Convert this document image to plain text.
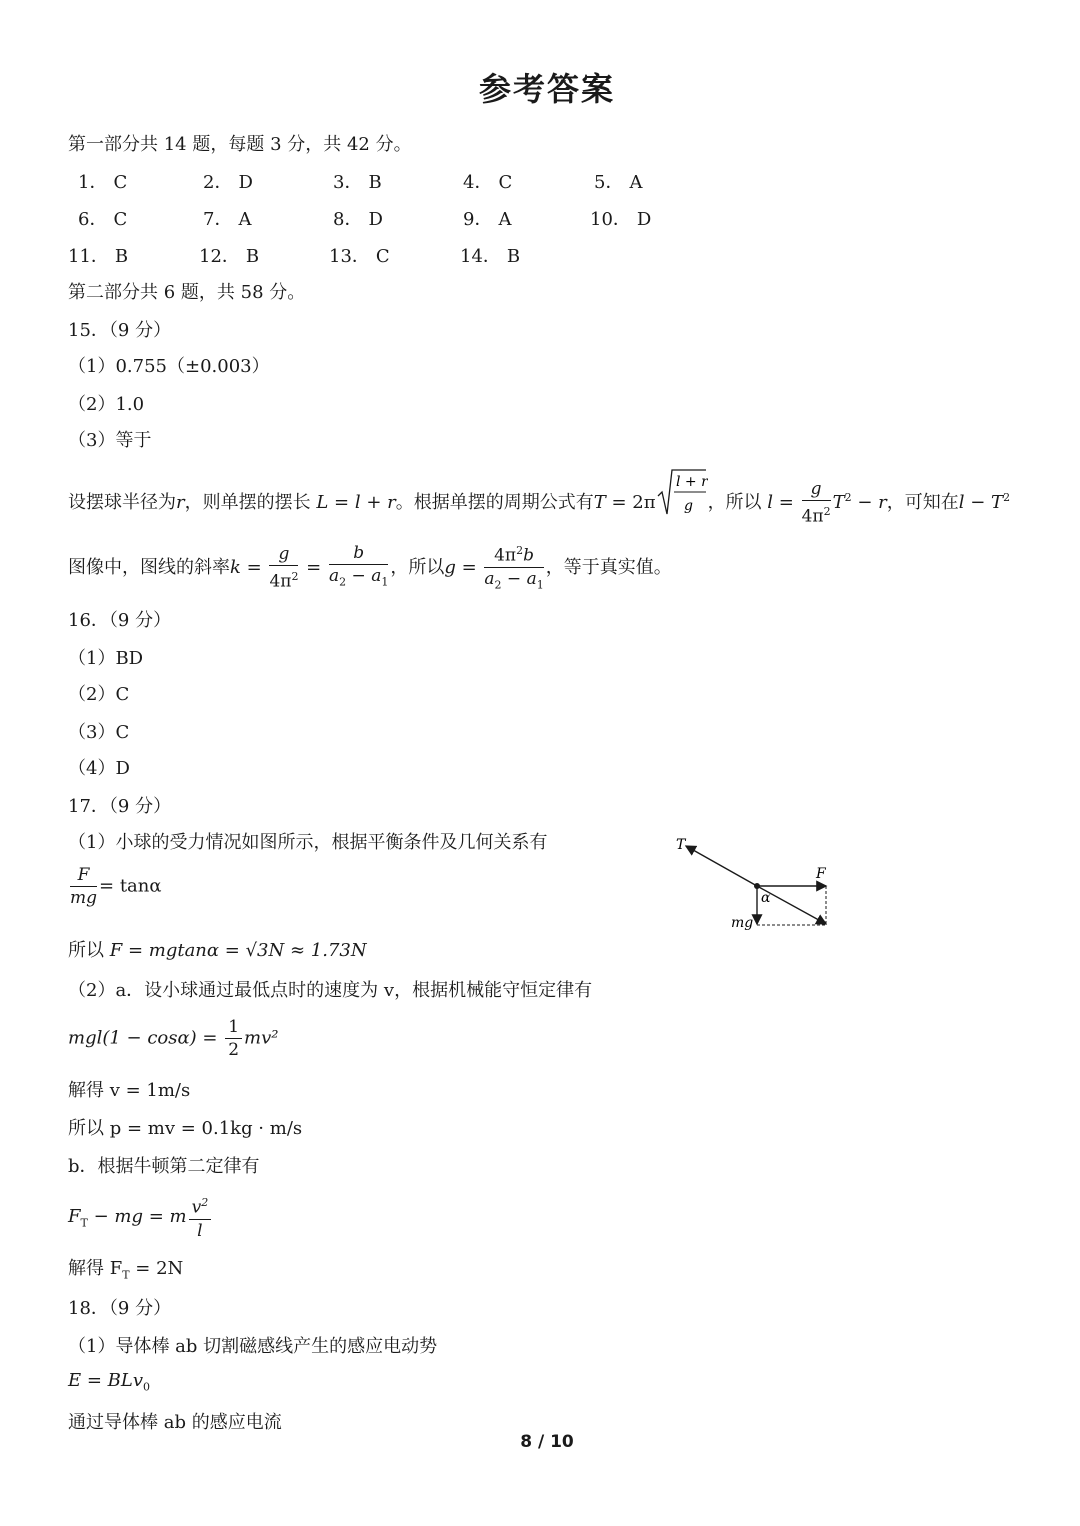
参考答案
第一部分共 14 题，每题 3 分，共 42 分。
1． C	2． D	3． B	4． C	5． A
6． C	7． A	8． D	9． A	10． D
11． B	12． B	13． C	14． B
第二部分共 6 题，共 58 分。
15．（9 分）
（1）0.755（±0.003）
（2）1.0
（3）等于
设摆球半径为r，则单摆的摆长 L = l + r。根据单摆的周期公式有T = 2π
l + r
g ，所以 $l = \frac{g}{4\pi^2} T^2 - r$，可知在$l - T^2$
图像中，图线的斜率$k = \frac{g}{4\pi^2} = \frac{b}{a_2 - a_1}$ ，所以$g = \frac{4\pi^2b}{a_2 - a_1}$ ，等于真实值。
16．（9 分）
（1）BD
（2）C
（3）C
（4）D
17．（9 分）
（1）小球的受力情况如图所示，根据平衡条件及几何关系有
$\frac{F}{mg} = \tan\alpha$
所以 F = mgtanα = √3N ≈ 1.73N
T
F
mg
α
（2）a．设小球通过最低点时的速度为 v，根据机械能守恒定律有
$mgl(1 - \cos\alpha) = \frac{1}{2} mv^2$
解得 v = 1m/s
所以 p = mv = 0.1kg · m/s
b．根据牛顿第二定律有
$F_T$ − mg = m $\frac{v^2}{l}$
解得 $F_T = 2N$
18．（9 分）
（1）导体棒 ab 切割磁感线产生的感应电动势
E = BLv$_0$
通过导体棒 ab 的感应电流
8 / 10
